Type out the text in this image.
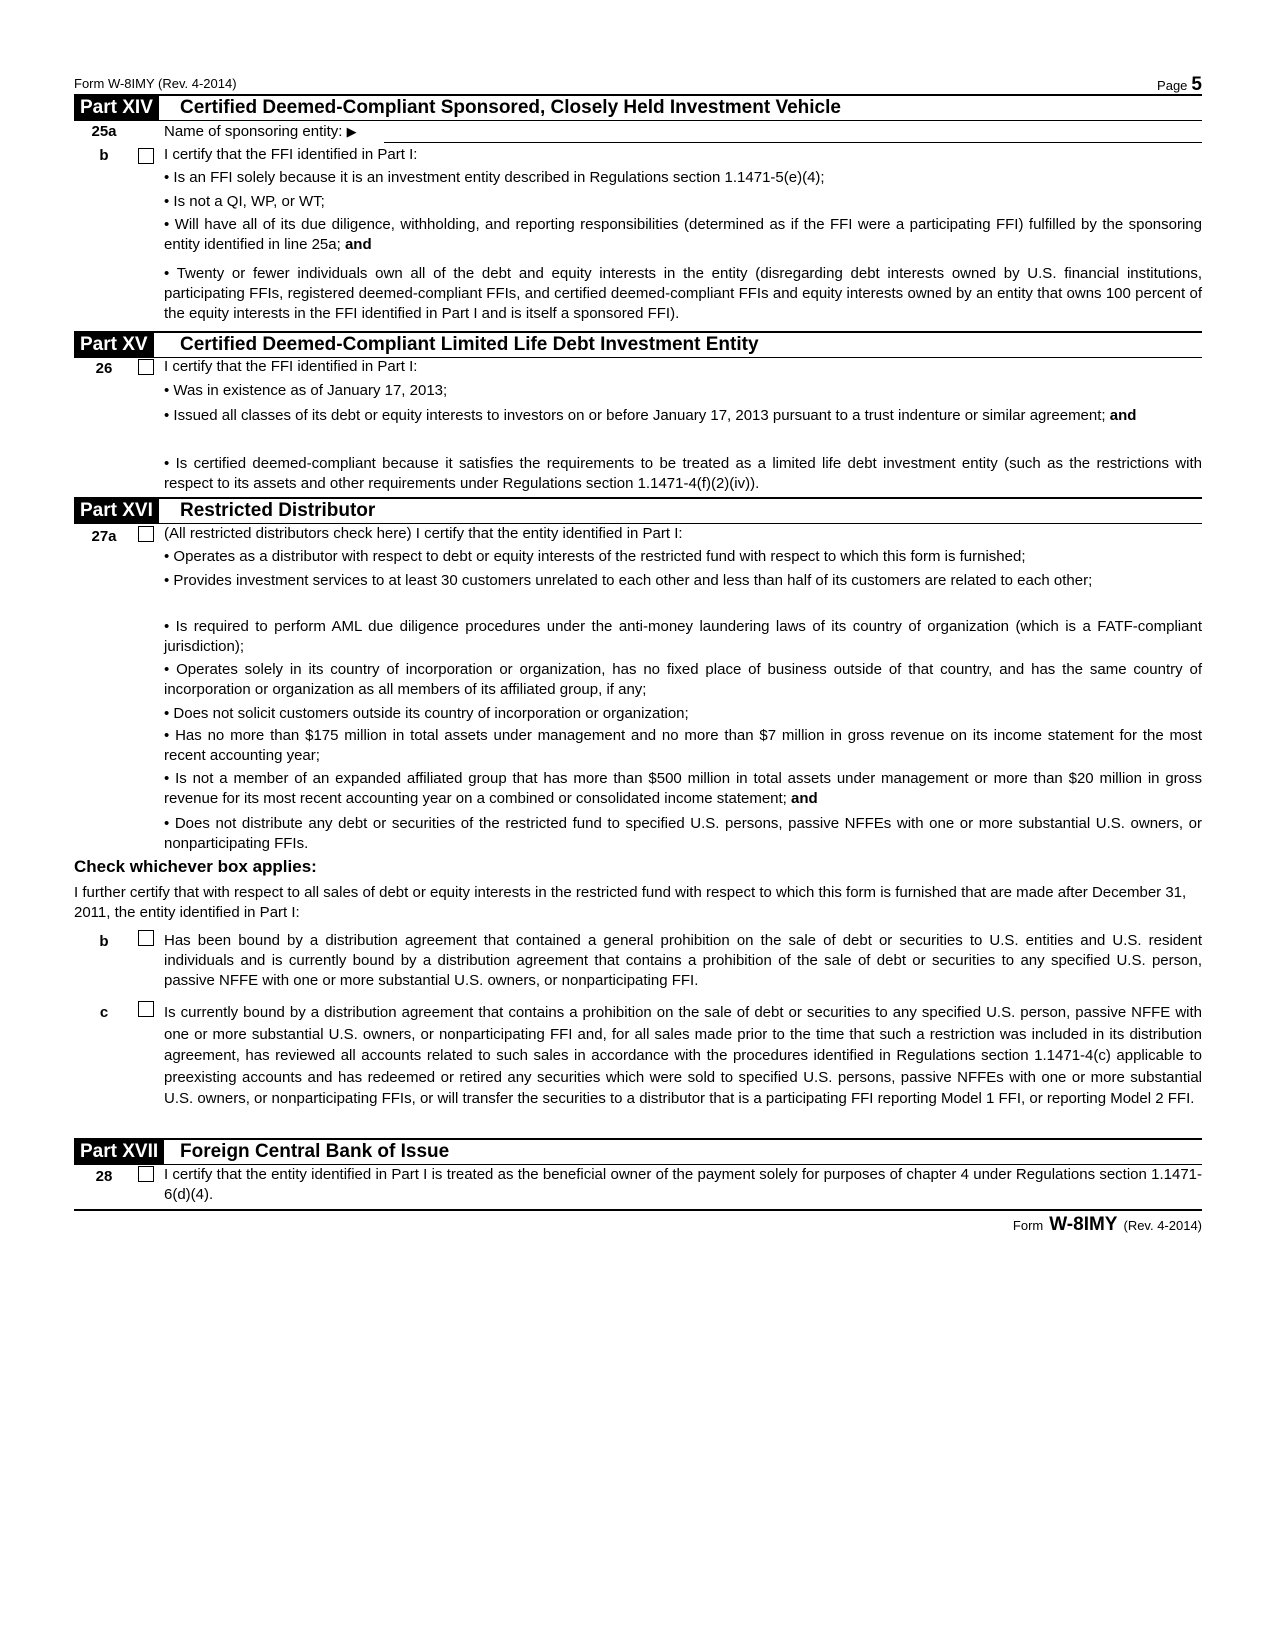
Form W-8IMY (Rev. 4-2014)	Page 5
Part XIV	Certified Deemed-Compliant Sponsored, Closely Held Investment Vehicle
25a	Name of sponsoring entity: ▶
b	I certify that the FFI identified in Part I:
• Is an FFI solely because it is an investment entity described in Regulations section 1.1471-5(e)(4);
• Is not a QI, WP, or WT;
• Will have all of its due diligence, withholding, and reporting responsibilities (determined as if the FFI were a participating FFI) fulfilled by the sponsoring entity identified in line 25a; and
• Twenty or fewer individuals own all of the debt and equity interests in the entity (disregarding debt interests owned by U.S. financial institutions, participating FFIs, registered deemed-compliant FFIs, and certified deemed-compliant FFIs and equity interests owned by an entity that owns 100 percent of the equity interests in the FFI identified in Part I and is itself a sponsored FFI).
Part XV	Certified Deemed-Compliant Limited Life Debt Investment Entity
26	I certify that the FFI identified in Part I:
• Was in existence as of January 17, 2013;
• Issued all classes of its debt or equity interests to investors on or before January 17, 2013 pursuant to a trust indenture or similar agreement; and
• Is certified deemed-compliant because it satisfies the requirements to be treated as a limited life debt investment entity (such as the restrictions with respect to its assets and other requirements under Regulations section 1.1471-4(f)(2)(iv)).
Part XVI	Restricted Distributor
27a	(All restricted distributors check here) I certify that the entity identified in Part I:
• Operates as a distributor with respect to debt or equity interests of the restricted fund with respect to which this form is furnished;
• Provides investment services to at least 30 customers unrelated to each other and less than half of its customers are related to each other;
• Is required to perform AML due diligence procedures under the anti-money laundering laws of its country of organization (which is a FATF-compliant jurisdiction);
• Operates solely in its country of incorporation or organization, has no fixed place of business outside of that country, and has the same country of incorporation or organization as all members of its affiliated group, if any;
• Does not solicit customers outside its country of incorporation or organization;
• Has no more than $175 million in total assets under management and no more than $7 million in gross revenue on its income statement for the most recent accounting year;
• Is not a member of an expanded affiliated group that has more than $500 million in total assets under management or more than $20 million in gross revenue for its most recent accounting year on a combined or consolidated income statement; and
• Does not distribute any debt or securities of the restricted fund to specified U.S. persons, passive NFFEs with one or more substantial U.S. owners, or nonparticipating FFIs.
Check whichever box applies:
I further certify that with respect to all sales of debt or equity interests in the restricted fund with respect to which this form is furnished that are made after December 31, 2011, the entity identified in Part I:
b	Has been bound by a distribution agreement that contained a general prohibition on the sale of debt or securities to U.S. entities and U.S. resident individuals and is currently bound by a distribution agreement that contains a prohibition of the sale of debt or securities to any specified U.S. person, passive NFFE with one or more substantial U.S. owners, or nonparticipating FFI.
c	Is currently bound by a distribution agreement that contains a prohibition on the sale of debt or securities to any specified U.S. person, passive NFFE with one or more substantial U.S. owners, or nonparticipating FFI and, for all sales made prior to the time that such a restriction was included in its distribution agreement, has reviewed all accounts related to such sales in accordance with the procedures identified in Regulations section 1.1471-4(c) applicable to preexisting accounts and has redeemed or retired any securities which were sold to specified U.S. persons, passive NFFEs with one or more substantial U.S. owners, or nonparticipating FFIs, or will transfer the securities to a distributor that is a participating FFI reporting Model 1 FFI, or reporting Model 2 FFI.
Part XVII	Foreign Central Bank of Issue
28	I certify that the entity identified in Part I is treated as the beneficial owner of the payment solely for purposes of chapter 4 under Regulations section 1.1471-6(d)(4).
Form W-8IMY (Rev. 4-2014)
